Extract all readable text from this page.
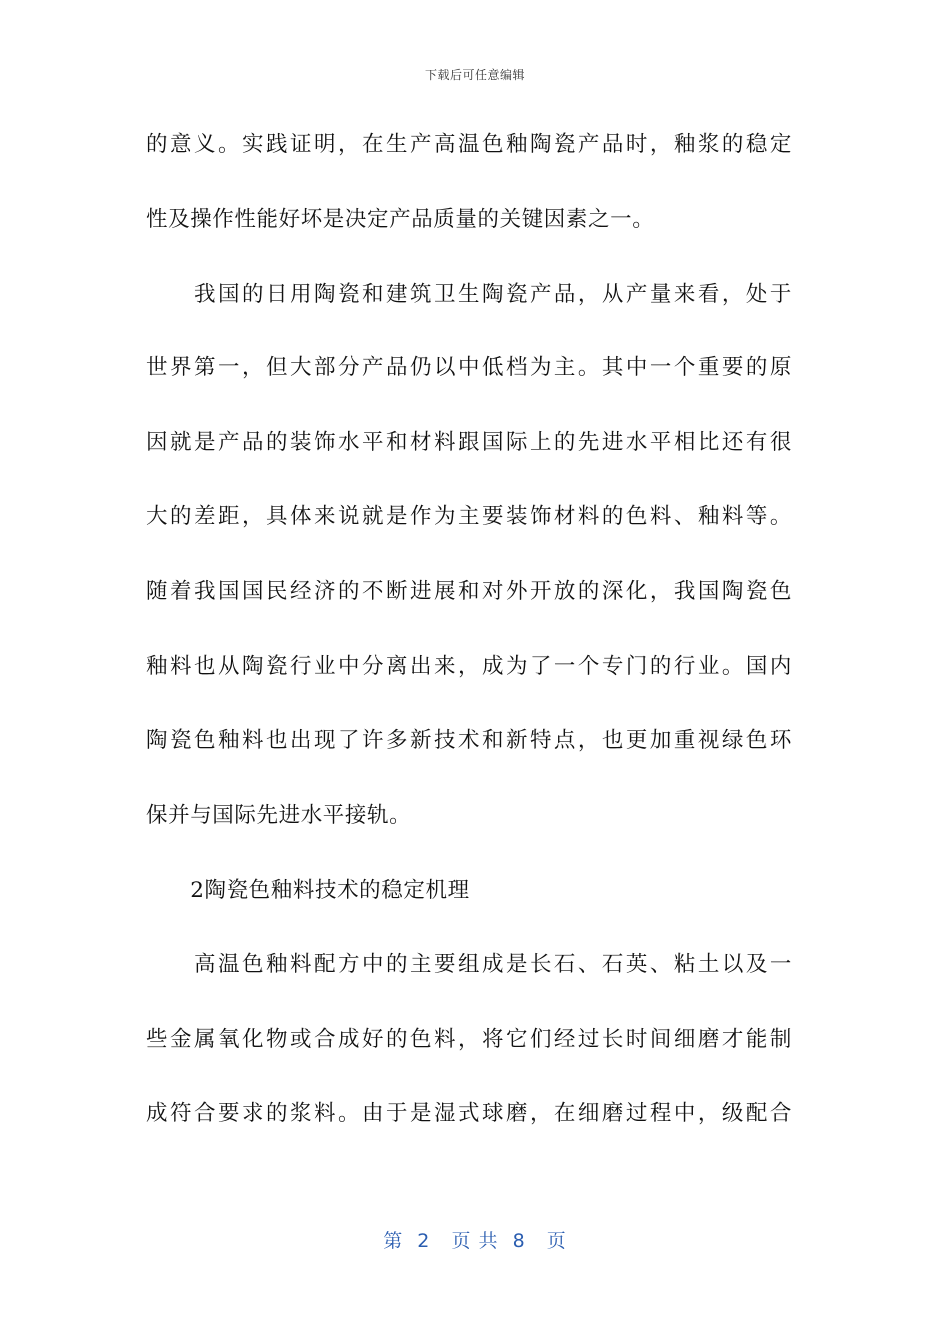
下载后可任意编辑
的意义。实践证明，在生产高温色釉陶瓷产品时，釉浆的稳定
性及操作性能好坏是决定产品质量的关键因素之一。
　　我国的日用陶瓷和建筑卫生陶瓷产品，从产量来看，处于
世界第一，但大部分产品仍以中低档为主。其中一个重要的原
因就是产品的装饰水平和材料跟国际上的先进水平相比还有很
大的差距，具体来说就是作为主要装饰材料的色料、釉料等。
随着我国国民经济的不断进展和对外开放的深化，我国陶瓷色
釉料也从陶瓷行业中分离出来，成为了一个专门的行业。国内
陶瓷色釉料也出现了许多新技术和新特点，也更加重视绿色环
保并与国际先进水平接轨。
　　2陶瓷色釉料技术的稳定机理
　　高温色釉料配方中的主要组成是长石、石英、粘土以及一
些金属氧化物或合成好的色料，将它们经过长时间细磨才能制
成符合要求的浆料。由于是湿式球磨，在细磨过程中，级配合
第  2   页 共  8   页
